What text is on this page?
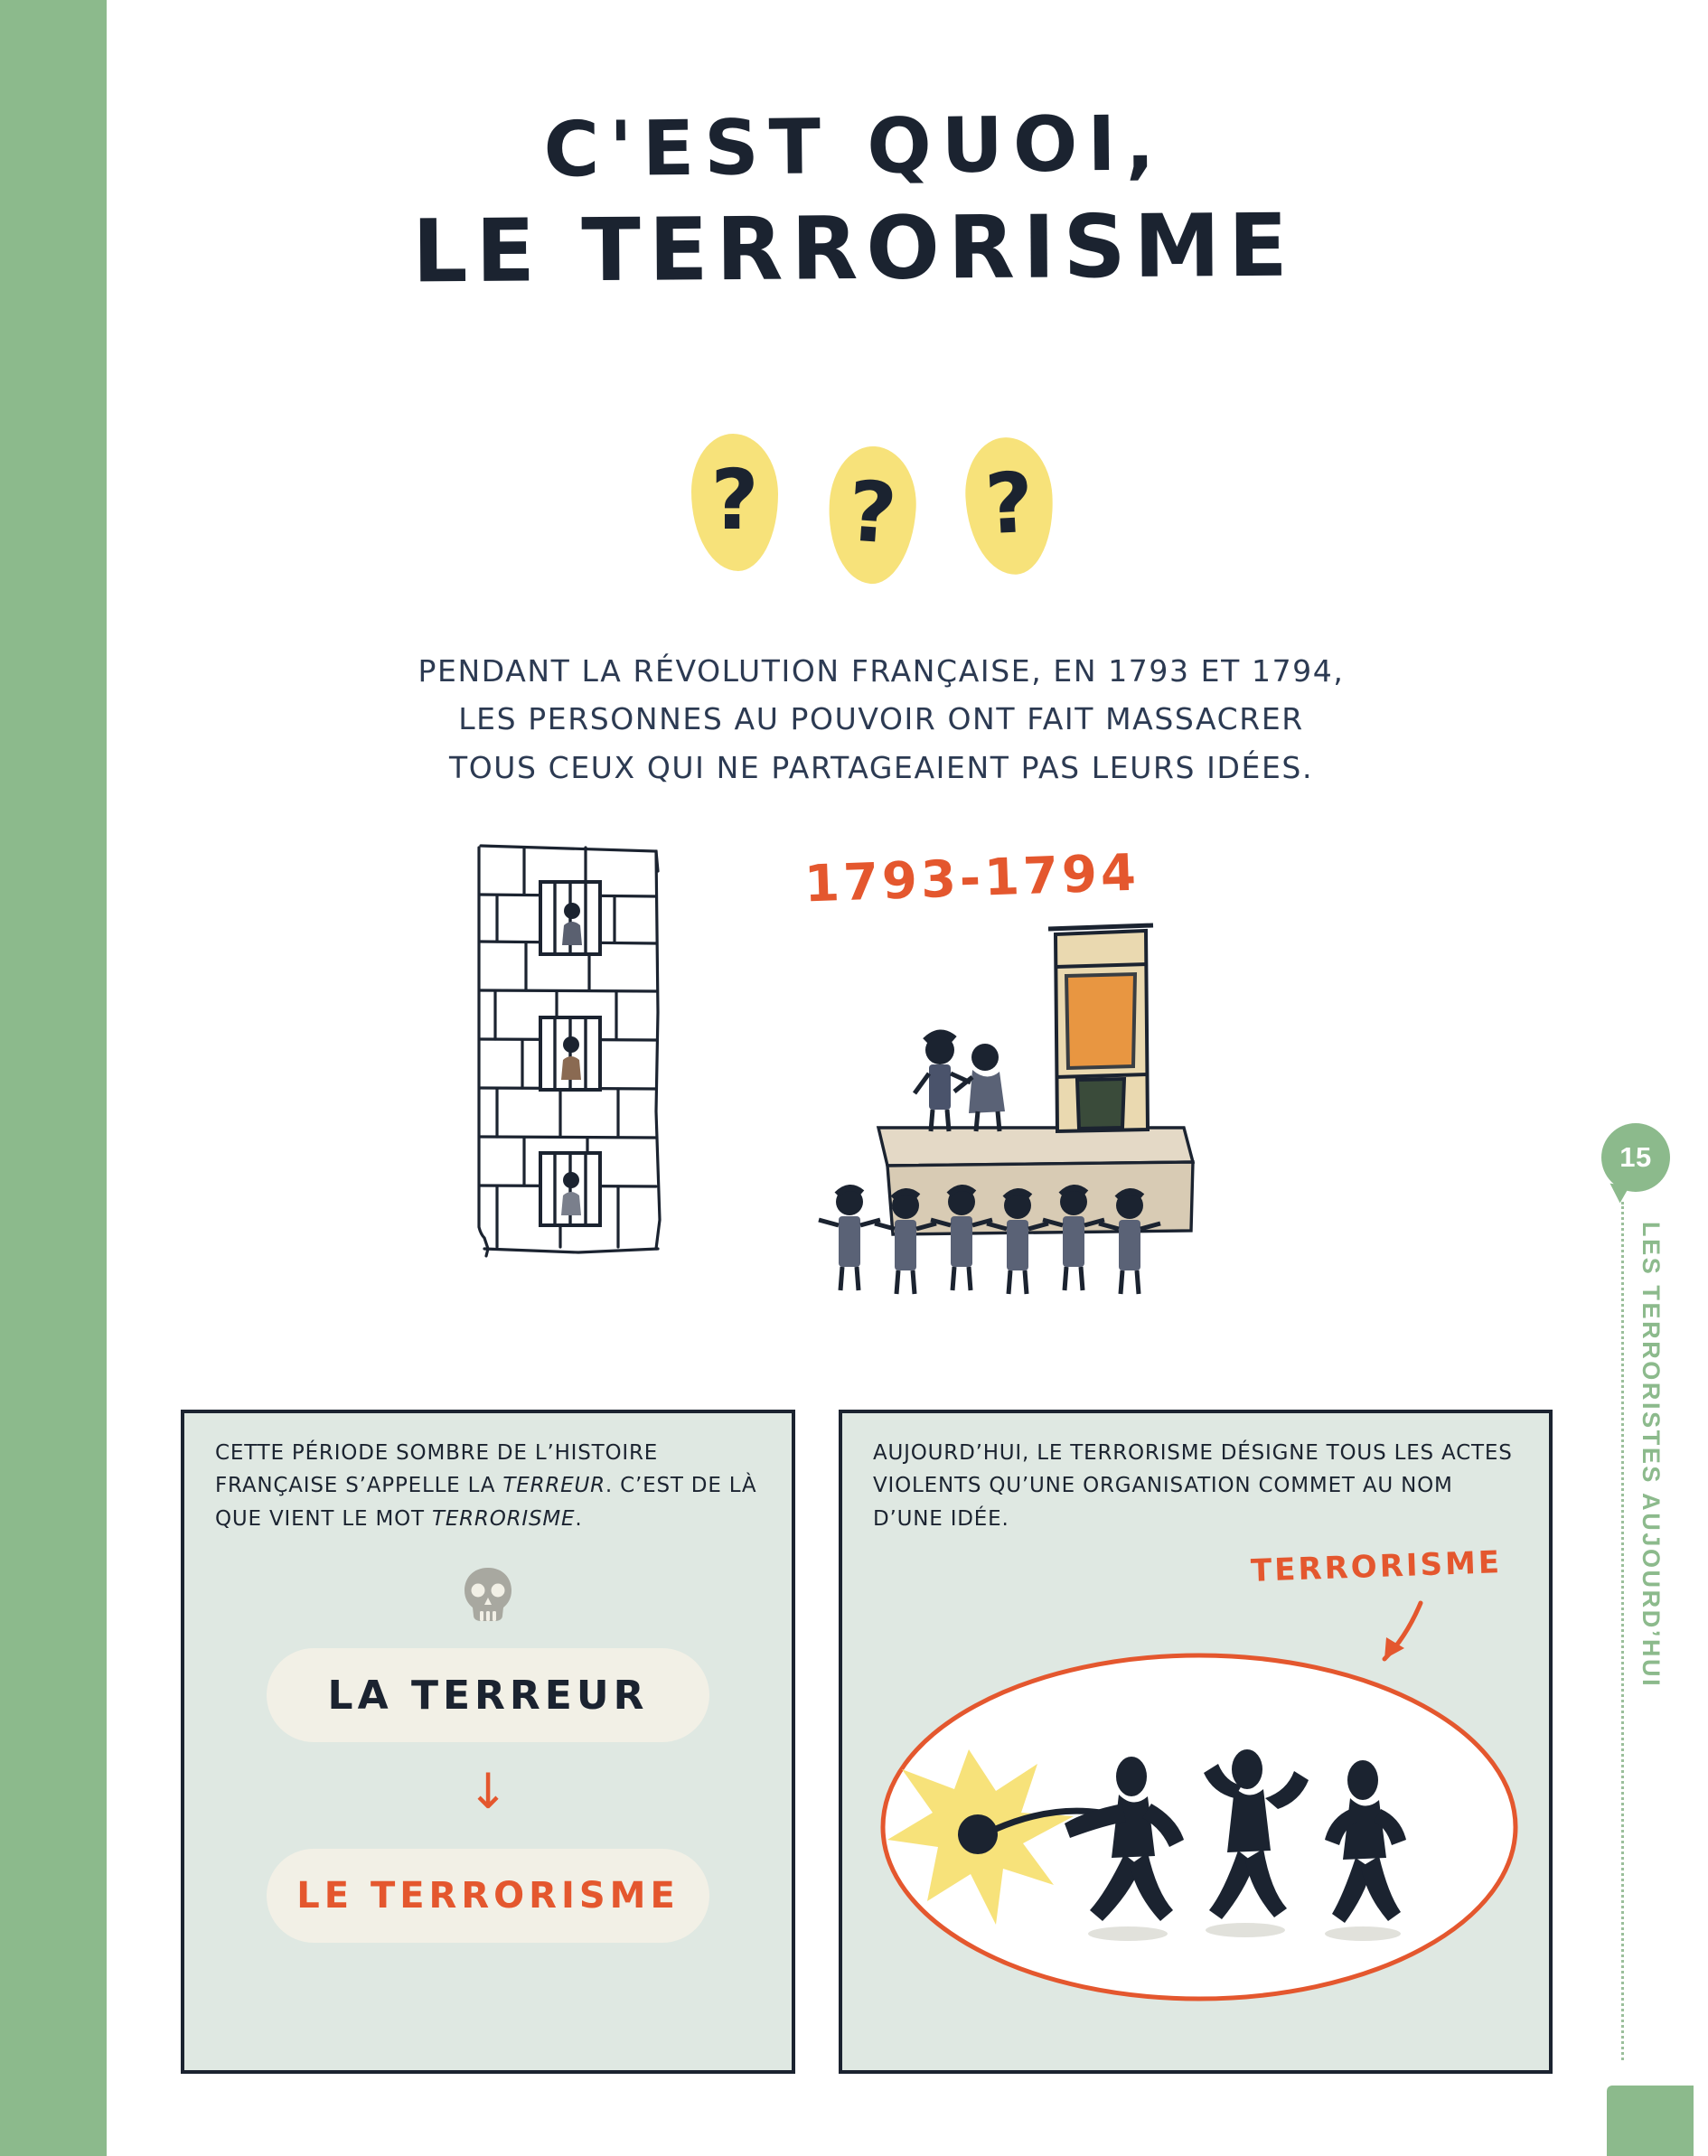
C'EST QUOI,
LE TERRORISME
? ? ?
PENDANT LA RÉVOLUTION FRANÇAISE, EN 1793 ET 1794,
LES PERSONNES AU POUVOIR ONT FAIT MASSACRER
TOUS CEUX QUI NE PARTAGEAIENT PAS LEURS IDÉES.
1793-1794
CETTE PÉRIODE SOMBRE DE L’HISTOIRE FRANÇAISE S’APPELLE LA TERREUR. C’EST DE LÀ QUE VIENT LE MOT TERRORISME.
LA TERREUR
↓
LE TERRORISME
AUJOURD’HUI, LE TERRORISME DÉSIGNE TOUS LES ACTES VIOLENTS QU’UNE ORGANISATION COMMET AU NOM D’UNE IDÉE.
TERRORISME
15
LES TERRORISTES AUJOURD’HUI
